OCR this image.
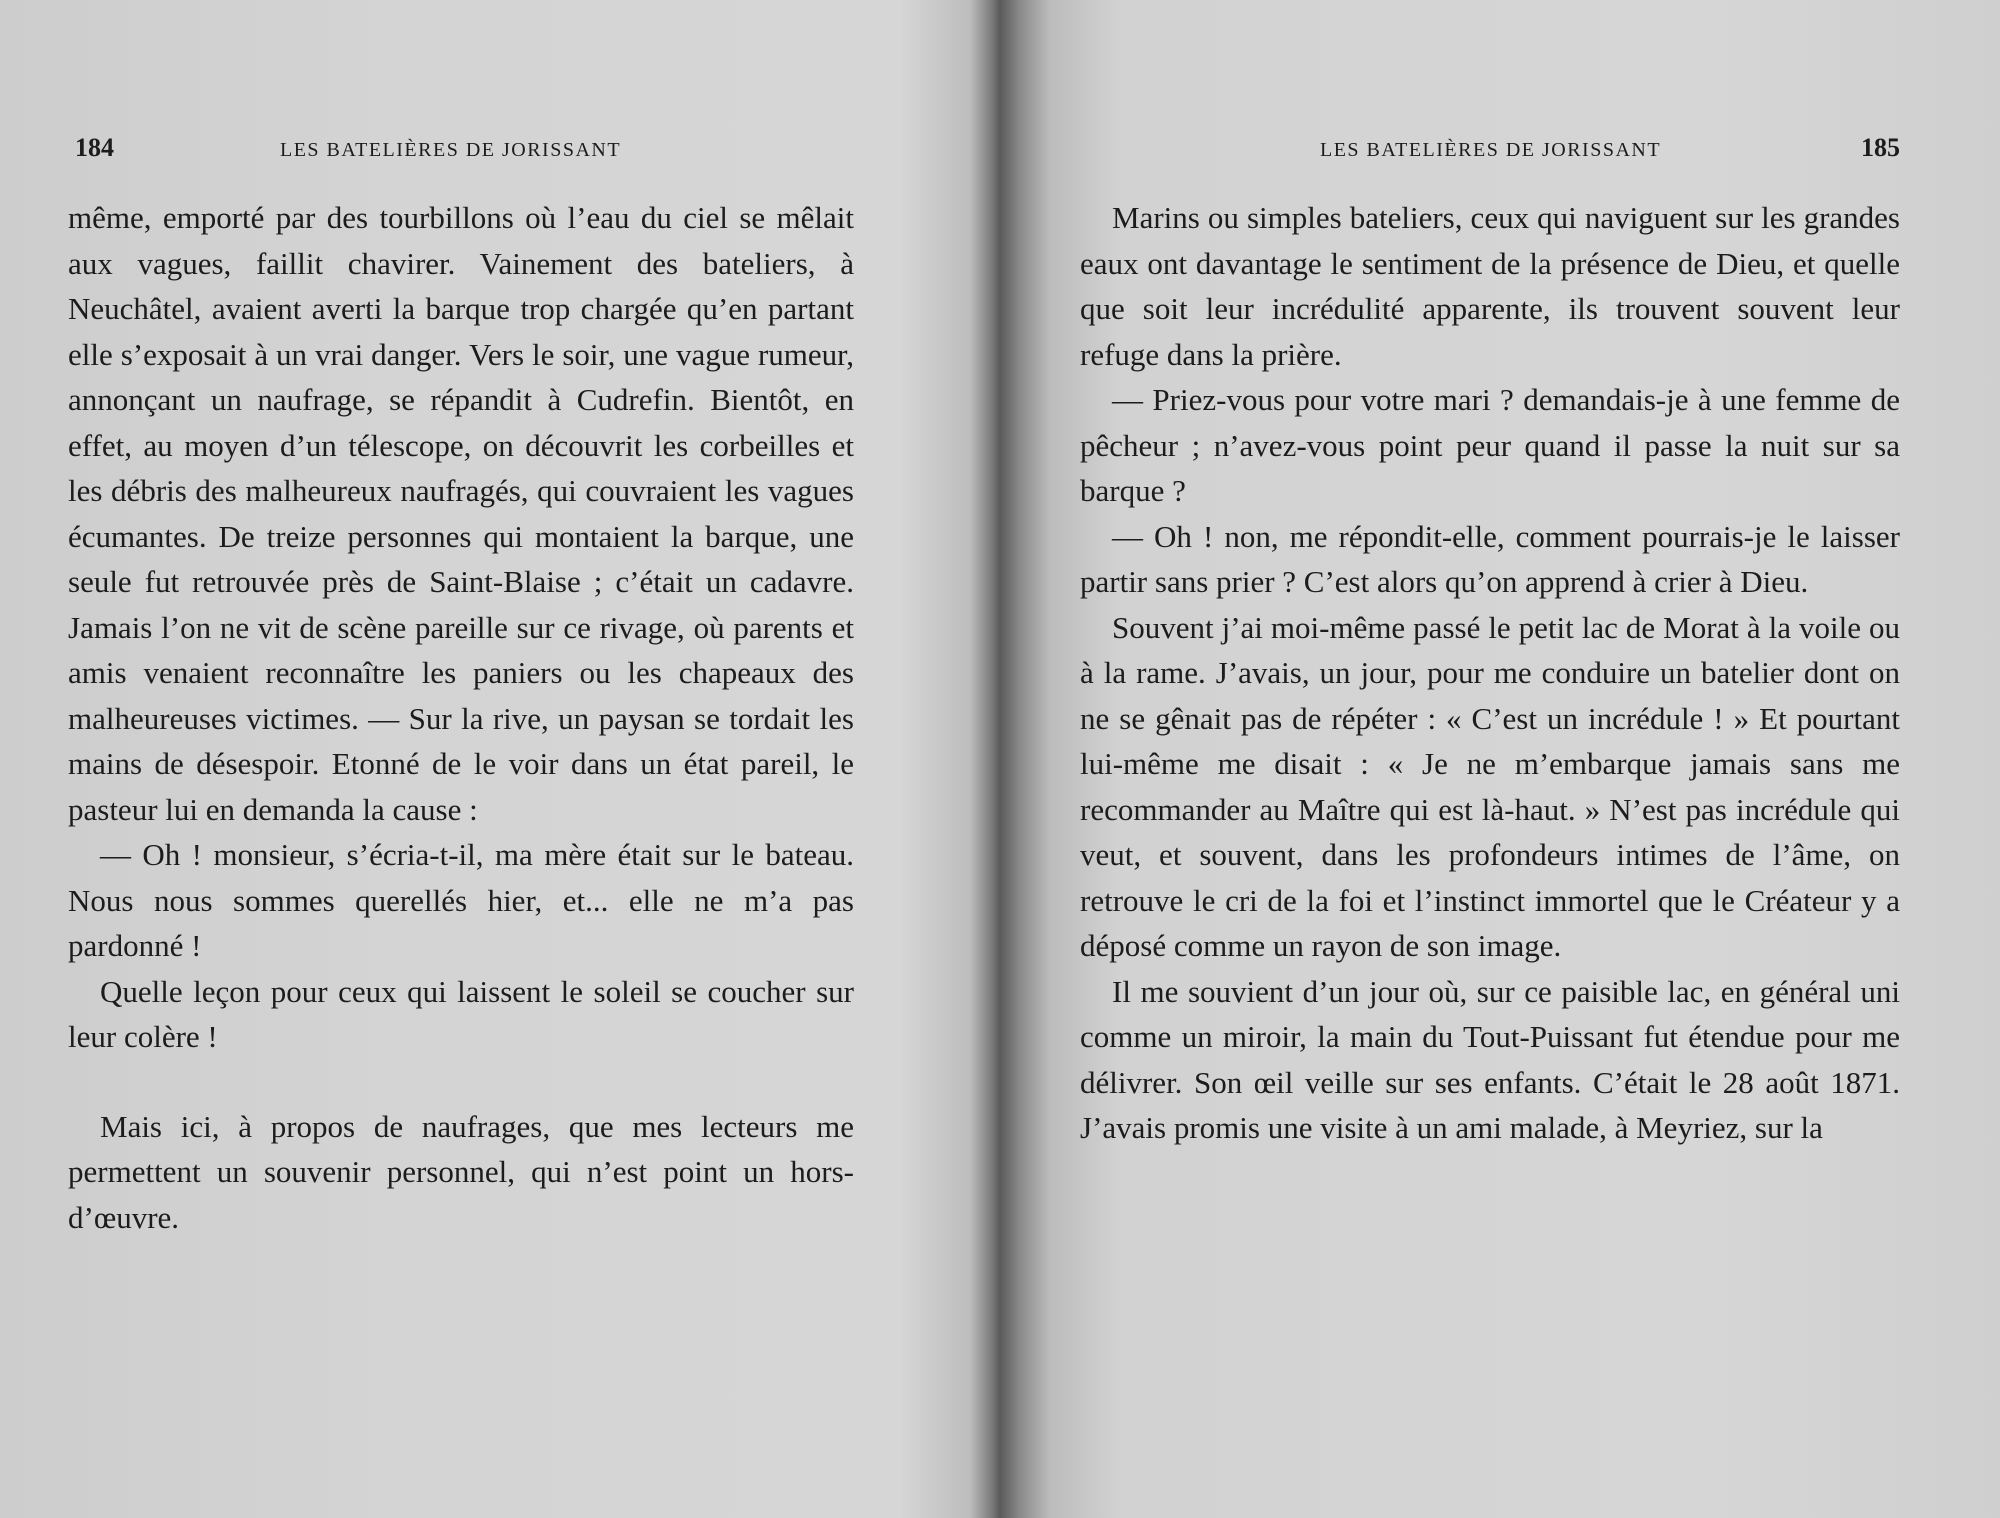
184	LES BATELIÈRES DE JORISSANT

même, emporté par des tourbillons où l’eau du ciel se mêlait aux vagues, faillit chavirer. Vainement des bateliers, à Neuchâtel, avaient averti la barque trop chargée qu’en partant elle s’exposait à un vrai danger. Vers le soir, une vague rumeur, annonçant un naufrage, se répandit à Cudrefin. Bientôt, en effet, au moyen d’un télescope, on découvrit les corbeilles et les débris des malheureux naufragés, qui couvraient les vagues écumantes. De treize personnes qui montaient la barque, une seule fut retrouvée près de Saint-Blaise ; c’était un cadavre. Jamais l’on ne vit de scène pareille sur ce rivage, où parents et amis venaient reconnaître les paniers ou les chapeaux des malheureuses victimes. — Sur la rive, un paysan se tordait les mains de désespoir. Etonné de le voir dans un état pareil, le pasteur lui en demanda la cause :

— Oh ! monsieur, s’écria-t-il, ma mère était sur le bateau. Nous nous sommes querellés hier, et... elle ne m’a pas pardonné !

Quelle leçon pour ceux qui laissent le soleil se coucher sur leur colère !

Mais ici, à propos de naufrages, que mes lecteurs me permettent un souvenir personnel, qui n’est point un hors-d’œuvre.

LES BATELIÈRES DE JORISSANT	185

Marins ou simples bateliers, ceux qui naviguent sur les grandes eaux ont davantage le sentiment de la présence de Dieu, et quelle que soit leur incrédulité apparente, ils trouvent souvent leur refuge dans la prière.

— Priez-vous pour votre mari ? demandais-je à une femme de pêcheur ; n’avez-vous point peur quand il passe la nuit sur sa barque ?

— Oh ! non, me répondit-elle, comment pourrais-je le laisser partir sans prier ? C’est alors qu’on apprend à crier à Dieu.

Souvent j’ai moi-même passé le petit lac de Morat à la voile ou à la rame. J’avais, un jour, pour me conduire un batelier dont on ne se gênait pas de répéter : « C’est un incrédule ! » Et pourtant lui-même me disait : « Je ne m’embarque jamais sans me recommander au Maître qui est là-haut. » N’est pas incrédule qui veut, et souvent, dans les profondeurs intimes de l’âme, on retrouve le cri de la foi et l’instinct immortel que le Créateur y a déposé comme un rayon de son image.

Il me souvient d’un jour où, sur ce paisible lac, en général uni comme un miroir, la main du Tout-Puissant fut étendue pour me délivrer. Son œil veille sur ses enfants. C’était le 28 août 1871. J’avais promis une visite à un ami malade, à Meyriez, sur la
